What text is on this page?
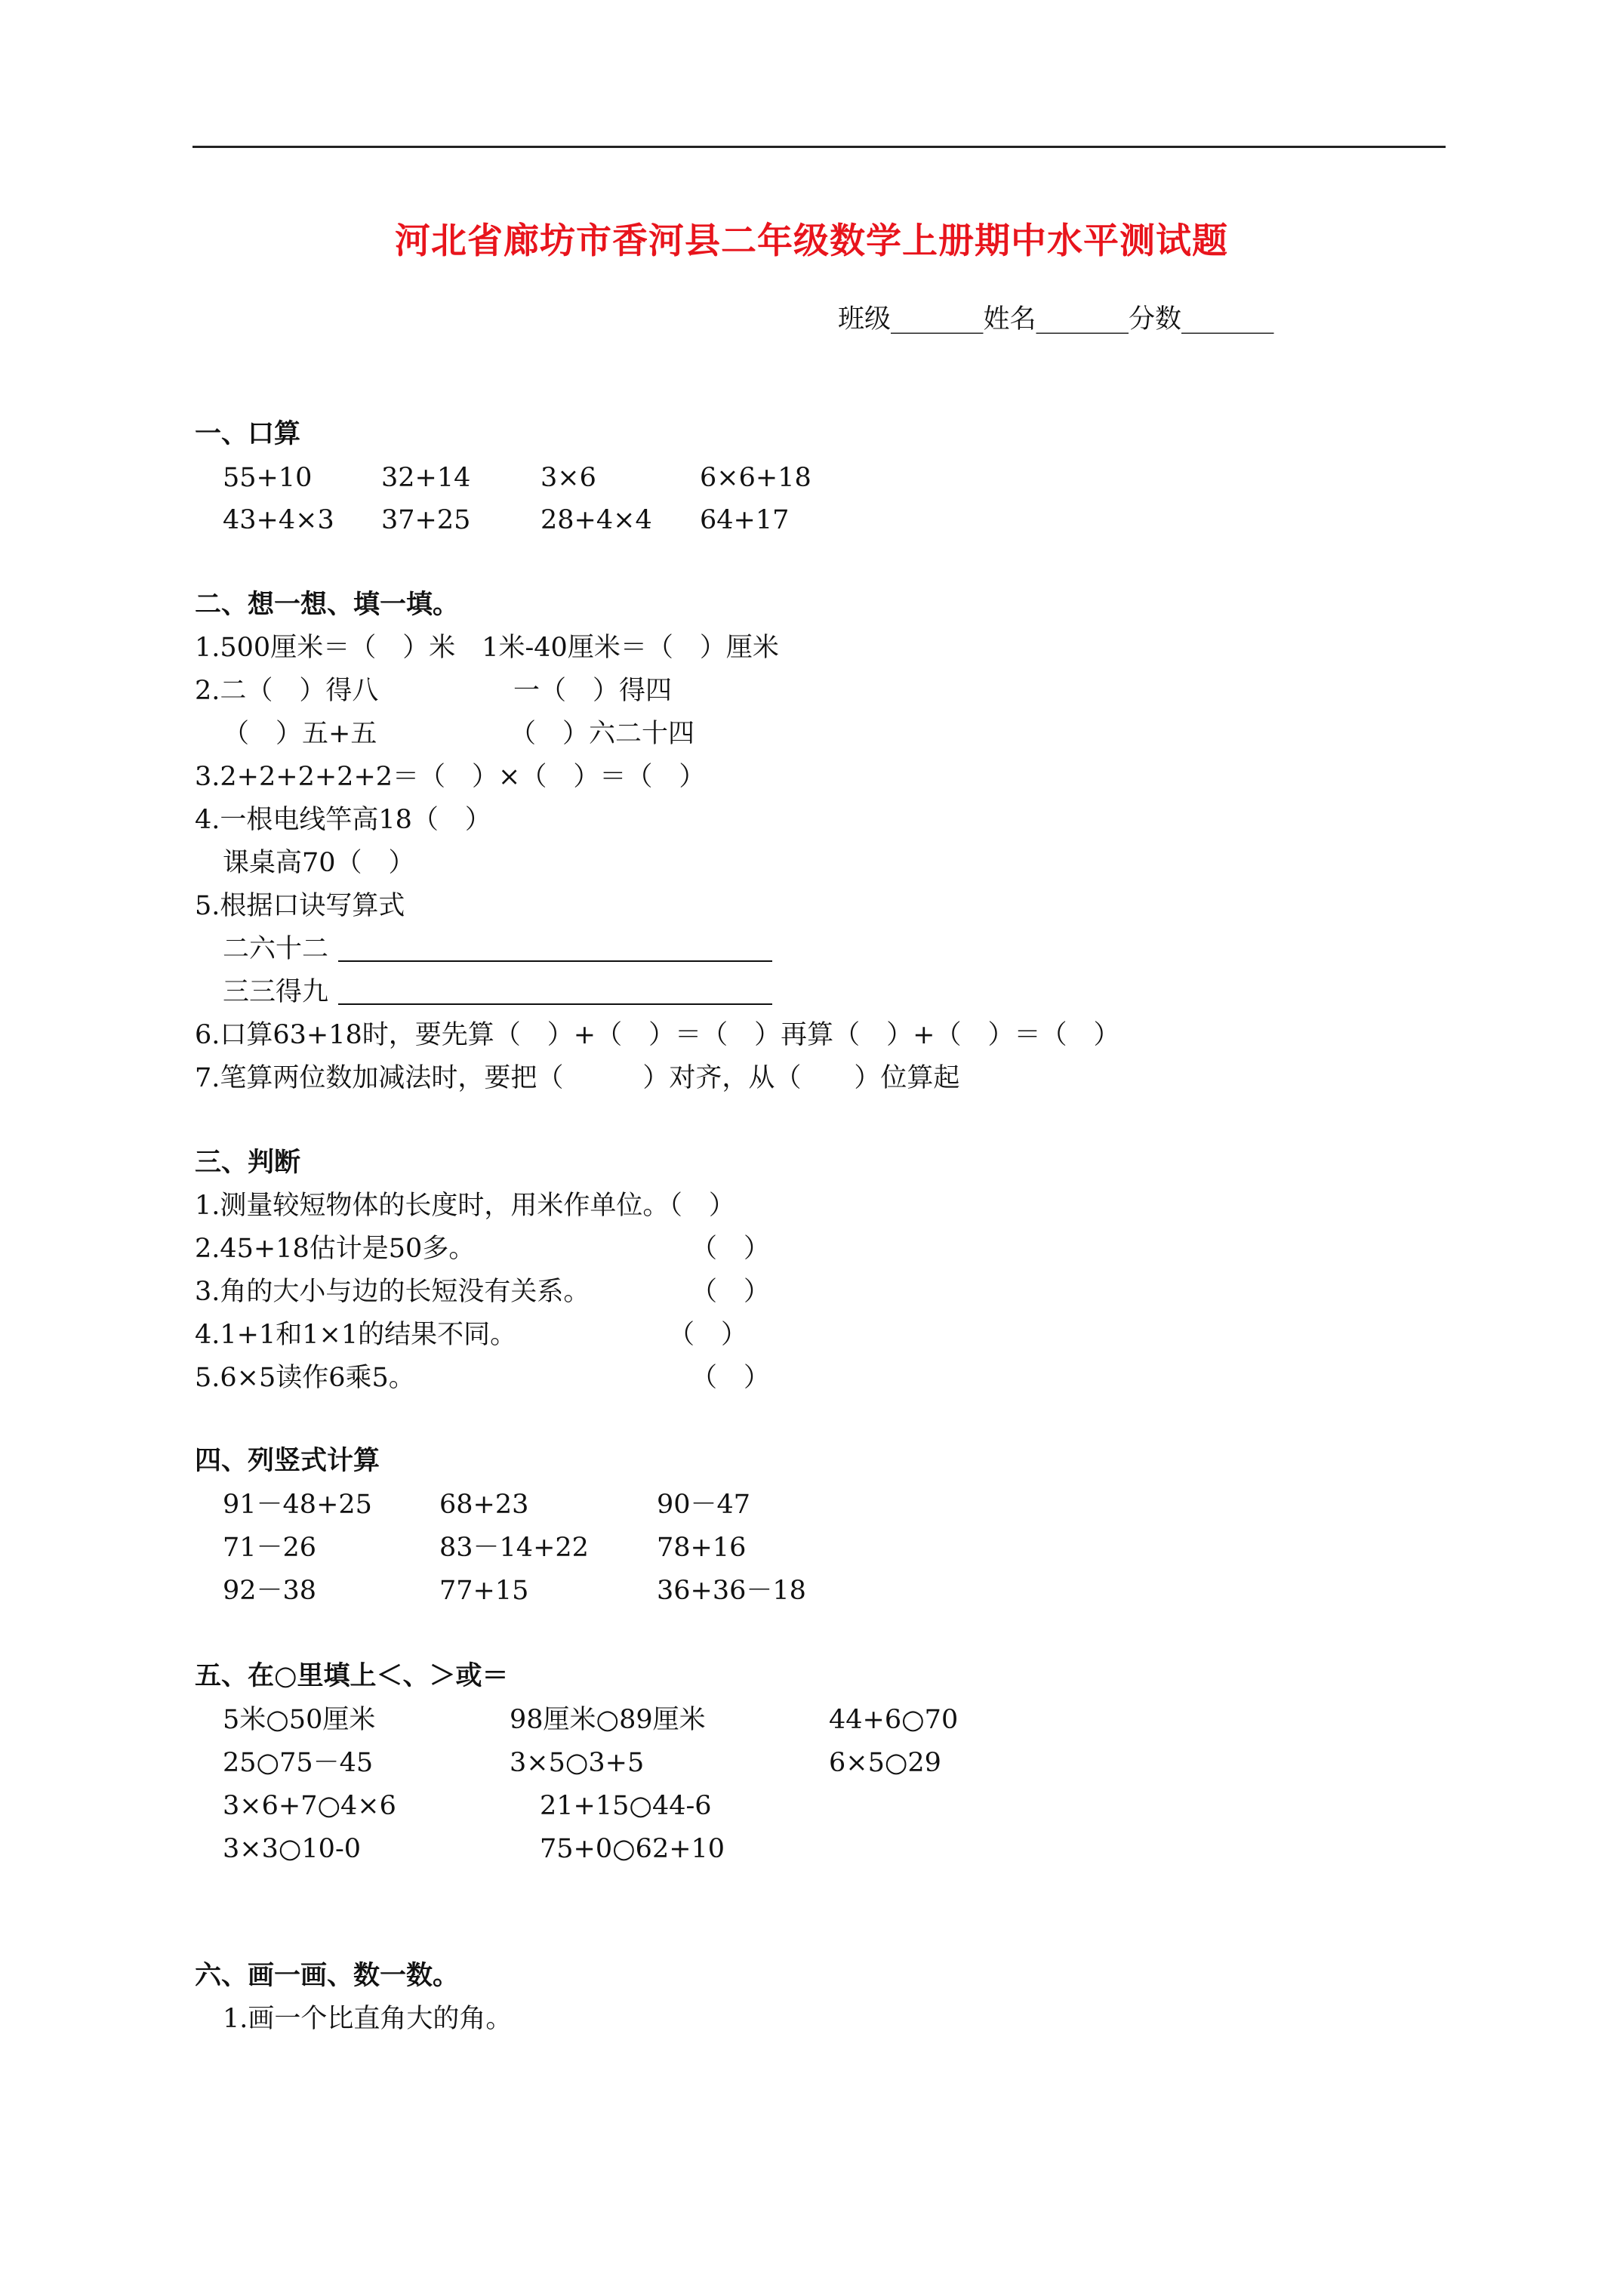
河北省廊坊市香河县二年级数学上册期中水平测试题
班级_______姓名_______分数_______
一、口算
55+10	32+14	3×6	6×6+18
43+4×3 37+25	28+4×4 64+17
二、想一想、填一填。
1.500厘米＝（　）米　1米-40厘米＝（　）厘米
2.二（　）得八	一（　）得四
（　）五+五	（　）六二十四
3.2+2+2+2+2＝（　）×（　）＝（　）
4.一根电线竿高18（　）
课桌高70（　）
5.根据口诀写算式
二六十二
三三得九
6.口算63+18时，要先算（　）+（　）＝（　）再算（　）+（　）＝（　）
7.笔算两位数加减法时，要把（　　　）对齐，从（　　）位算起
三、判断
1.测量较短物体的长度时，用米作单位。（　）
2.45+18估计是50多。	（　）
3.角的大小与边的长短没有关系。	（　）
4.1+1和1×1的结果不同。	（　）
5.6×5读作6乘5。	（　）
四、列竖式计算
91－48+25	68+23	90－47
71－26	83－14+22	78+16
92－38	77+15	36+36－18
五、在○里填上＜、＞或＝
5米○50厘米	98厘米○89厘米	44+6○70
25○75－45	3×5○3+5	6×5○29
3×6+7○4×6	21+15○44-6
3×3○10-0	75+0○62+10
六、画一画、数一数。
1.画一个比直角大的角。
